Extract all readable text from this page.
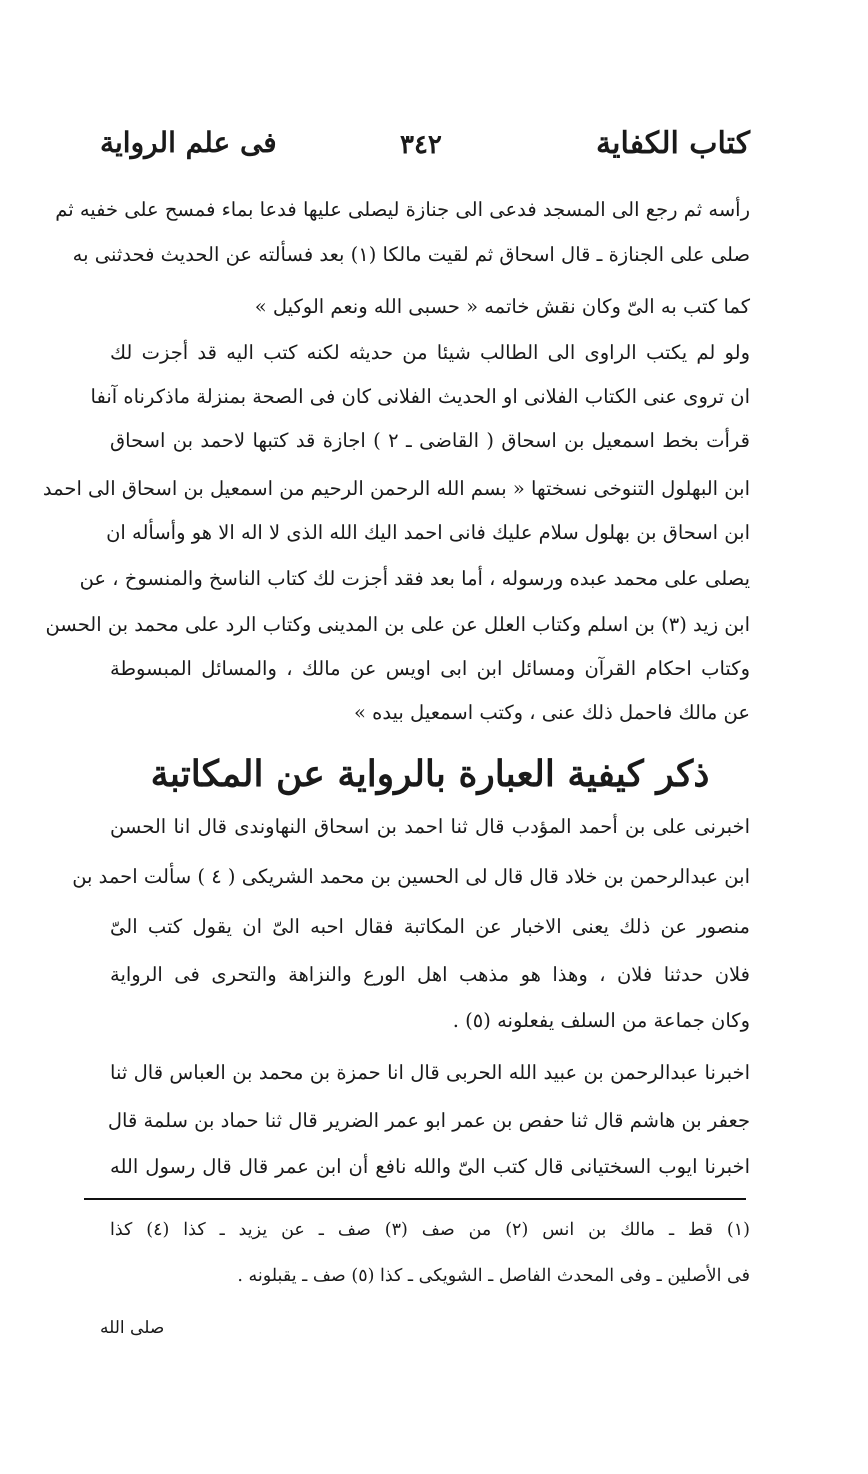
كتاب الكفاية
٣٤٢
فى علم الرواية
رأسه ثم رجع الى المسجد فدعى الى جنازة ليصلى عليها فدعا بماء فمسح على خفيه ثم
صلى على الجنازة ـ قال اسحاق ثم لقيت مالكا (١) بعد فسألته عن الحديث فحدثنى به
كما كتب به الىّ وكان نقش خاتمه « حسبى الله ونعم الوكيل »
ولو لم يكتب الراوى الى الطالب شيئا من حديثه لكنه كتب اليه قد أجزت لك
ان تروى عنى الكتاب الفلانى او الحديث الفلانى كان فى الصحة بمنزلة ماذكرناه آنفا
قرأت بخط اسمعيل بن اسحاق ( القاضى ـ ٢ ) اجازة قد كتبها لاحمد بن اسحاق
ابن البهلول التنوخى نسختها « بسم الله الرحمن الرحيم من اسمعيل بن اسحاق الى احمد
ابن اسحاق بن بهلول سلام عليك فانى احمد اليك الله الذى لا اله الا هو وأسأله ان
يصلى على محمد عبده ورسوله ، أما بعد فقد أجزت لك كتاب الناسخ والمنسوخ ، عن
ابن زيد (٣) بن اسلم وكتاب العلل عن على بن المدينى وكتاب الرد على محمد بن الحسن
وكتاب احكام القرآن ومسائل ابن ابى اويس عن مالك ، والمسائل المبسوطة
عن مالك فاحمل ذلك عنى ، وكتب اسمعيل بيده »
ذكر كيفية العبارة بالرواية عن المكاتبة
اخبرنى على بن أحمد المؤدب قال ثنا احمد بن اسحاق النهاوندى قال انا الحسن
ابن عبدالرحمن بن خلاد قال قال لى الحسين بن محمد الشريكى ( ٤ ) سألت احمد بن
منصور عن ذلك يعنى الاخبار عن المكاتبة فقال احبه الىّ ان يقول كتب الىّ
فلان حدثنا فلان ، وهذا هو مذهب اهل الورع والنزاهة والتحرى فى الرواية
وكان جماعة من السلف يفعلونه (٥) .
اخبرنا عبدالرحمن بن عبيد الله الحربى قال انا حمزة بن محمد بن العباس قال ثنا
جعفر بن هاشم قال ثنا حفص بن عمر ابو عمر الضرير قال ثنا حماد بن سلمة قال
اخبرنا ايوب السختيانى قال كتب الىّ والله نافع أن ابن عمر قال قال رسول الله
(١) قط ـ مالك بن انس (٢) من صف (٣) صف ـ عن يزيد ـ كذا (٤) كذا
فى الأصلين ـ وفى المحدث الفاصل ـ الشويكى ـ كذا (٥) صف ـ يقبلونه .
صلى الله
